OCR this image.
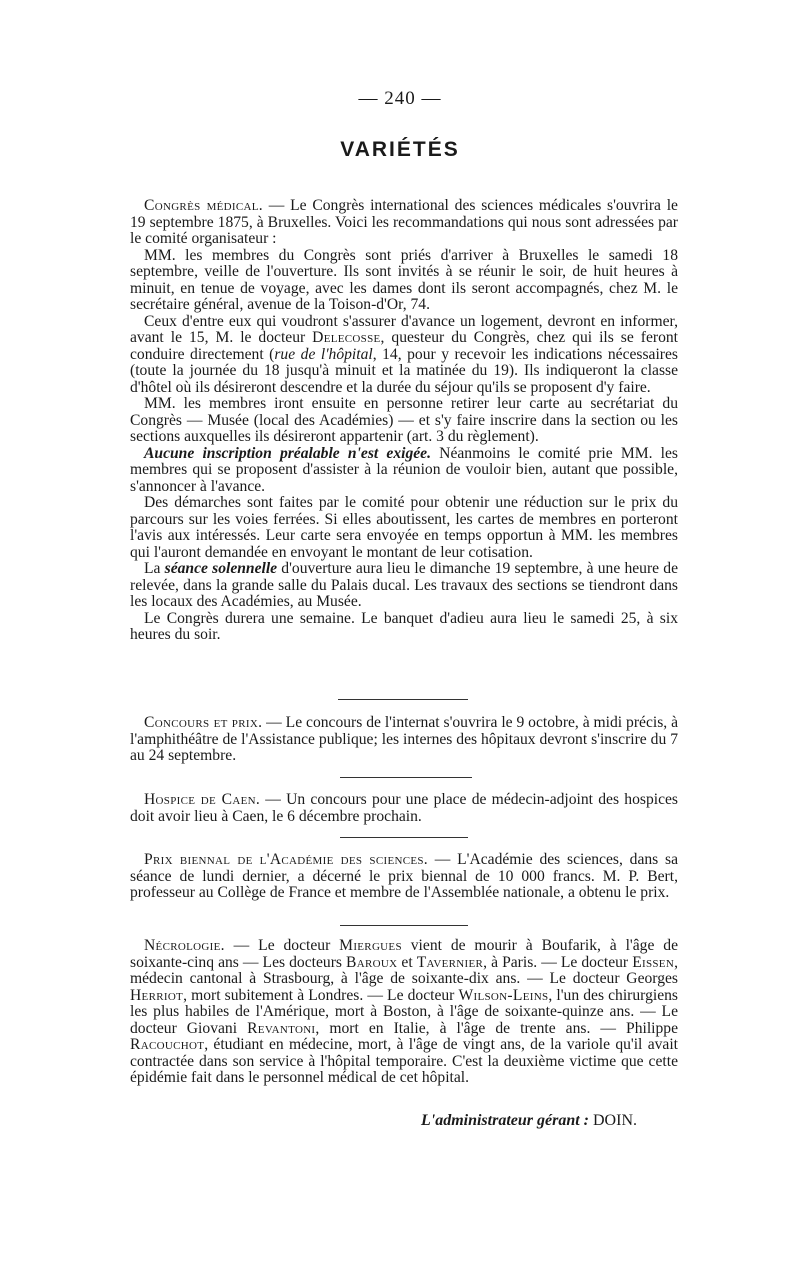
— 240 —
VARIÉTÉS

Congrès médical. — Le Congrès international des sciences médicales s'ouvrira le 19 septembre 1875, à Bruxelles. Voici les recommandations qui nous sont adressées par le comité organisateur :

MM. les membres du Congrès sont priés d'arriver à Bruxelles le samedi 18 septembre, veille de l'ouverture. Ils sont invités à se réunir le soir, de huit heures à minuit, en tenue de voyage, avec les dames dont ils seront accompagnés, chez M. le secrétaire général, avenue de la Toison-d'Or, 74.

Ceux d'entre eux qui voudront s'assurer d'avance un logement, devront en informer, avant le 15, M. le docteur Delecosse, questeur du Congrès, chez qui ils se feront conduire directement (rue de l'hôpital, 14, pour y recevoir les indications nécessaires (toute la journée du 18 jusqu'à minuit et la matinée du 19). Ils indiqueront la classe d'hôtel où ils désireront descendre et la durée du séjour qu'ils se proposent d'y faire.

MM. les membres iront ensuite en personne retirer leur carte au secrétariat du Congrès — Musée (local des Académies) — et s'y faire inscrire dans la section ou les sections auxquelles ils désireront appartenir (art. 3 du règlement).

Aucune inscription préalable n'est exigée. Néanmoins le comité prie MM. les membres qui se proposent d'assister à la réunion de vouloir bien, autant que possible, s'annoncer à l'avance.

Des démarches sont faites par le comité pour obtenir une réduction sur le prix du parcours sur les voies ferrées. Si elles aboutissent, les cartes de membres en porteront l'avis aux intéressés. Leur carte sera envoyée en temps opportun à MM. les membres qui l'auront demandée en envoyant le montant de leur cotisation.

La séance solennelle d'ouverture aura lieu le dimanche 19 septembre, à une heure de relevée, dans la grande salle du Palais ducal. Les travaux des sections se tiendront dans les locaux des Académies, au Musée.

Le Congrès durera une semaine. Le banquet d'adieu aura lieu le samedi 25, à six heures du soir.

Concours et prix. — Le concours de l'internat s'ouvrira le 9 octobre, à midi précis, à l'amphithéâtre de l'Assistance publique; les internes des hôpitaux devront s'inscrire du 7 au 24 septembre.

Hospice de Caen. — Un concours pour une place de médecin-adjoint des hospices doit avoir lieu à Caen, le 6 décembre prochain.

Prix biennal de l'Académie des sciences. — L'Académie des sciences, dans sa séance de lundi dernier, a décerné le prix biennal de 10 000 francs. M. P. Bert, professeur au Collège de France et membre de l'Assemblée nationale, a obtenu le prix.

Nécrologie. — Le docteur Miergues vient de mourir à Boufarik, à l'âge de soixante-cinq ans — Les docteurs Baroux et Tavernier, à Paris. — Le docteur Eissen, médecin cantonal à Strasbourg, à l'âge de soixante-dix ans. — Le docteur Georges Herriot, mort subitement à Londres. — Le docteur Wilson-Leins, l'un des chirurgiens les plus habiles de l'Amérique, mort à Boston, à l'âge de soixante-quinze ans. — Le docteur Giovani Revantoni, mort en Italie, à l'âge de trente ans. — Philippe Racouchot, étudiant en médecine, mort, à l'âge de vingt ans, de la variole qu'il avait contractée dans son service à l'hôpital temporaire. C'est la deuxième victime que cette épidémie fait dans le personnel médical de cet hôpital.

L'administrateur gérant : DOIN.
